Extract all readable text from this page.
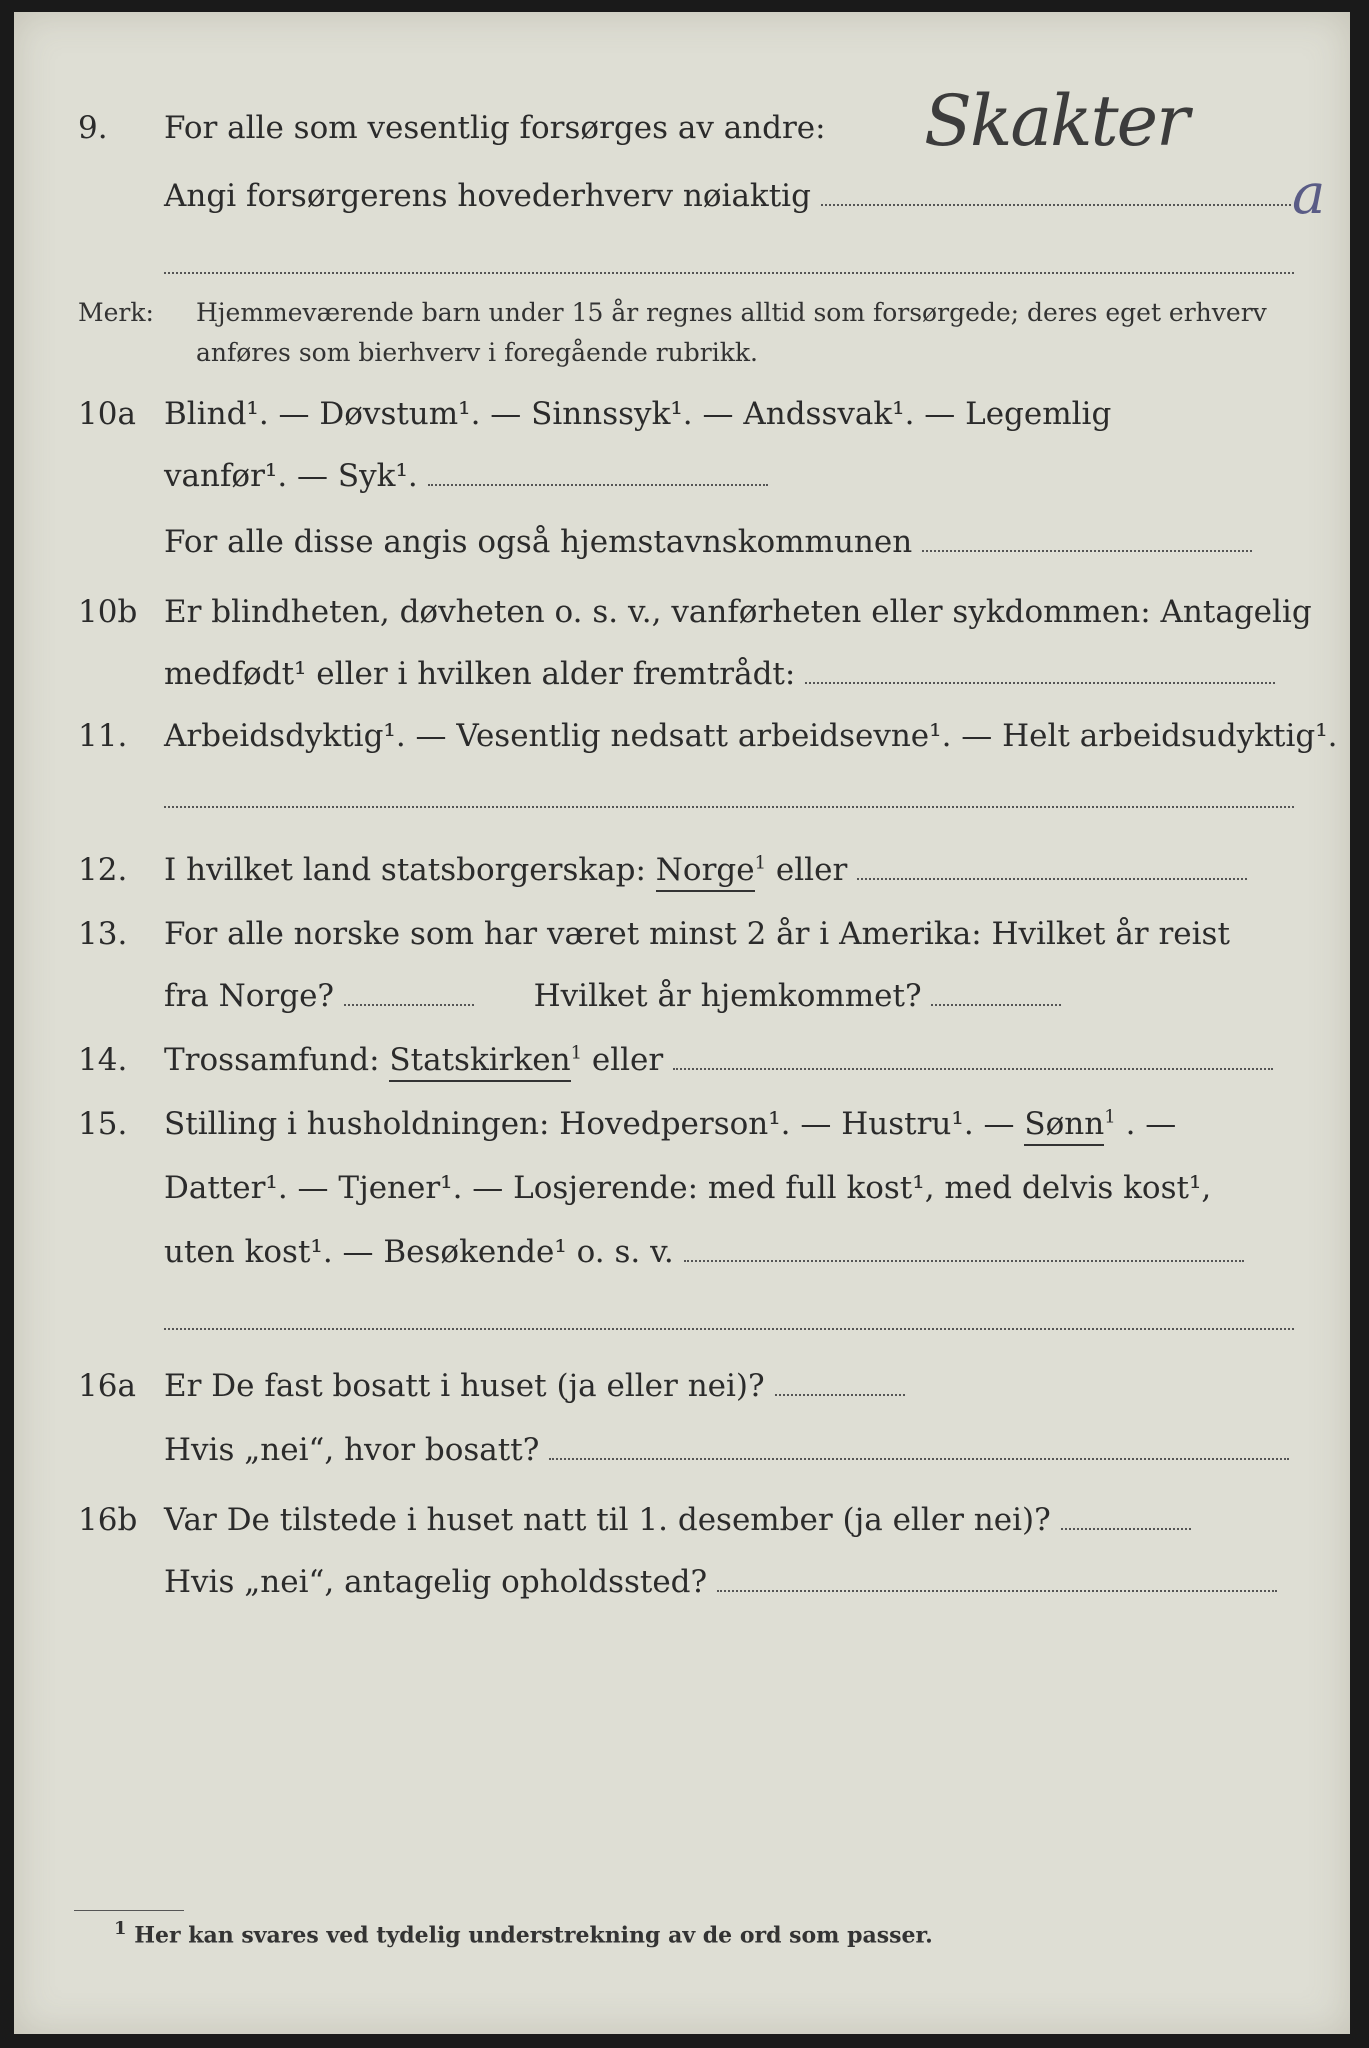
9. For alle som vesentlig forsørges av andre:
Angi forsørgerens hovederhverv nøiaktig
Skakter
a
Merk: Hjemmeværende barn under 15 år regnes alltid som forsørgede; deres eget erhverv
anføres som bierhverv i foregående rubrikk.
10a Blind¹. — Døvstum¹. — Sinnssyk¹. — Andssvak¹. — Legemlig
vanfør¹. — Syk¹.
For alle disse angis også hjemstavnskommunen
10b Er blindheten, døvheten o. s. v., vanførheten eller sykdommen: Antagelig
medfødt¹ eller i hvilken alder fremtrådt:
11. Arbeidsdyktig¹. — Vesentlig nedsatt arbeidsevne¹. — Helt arbeidsudyktig¹.
12. I hvilket land statsborgerskap: Norge$^1$ eller
13. For alle norske som har været minst 2 år i Amerika: Hvilket år reist
fra Norge?	Hvilket år hjemkommet?
14. Trossamfund: Statskirken$^1$ eller
15. Stilling i husholdningen: Hovedperson¹. — Hustru¹. — Sønn$^1$ . —
Datter¹. — Tjener¹. — Losjerende: med full kost¹, med delvis kost¹,
uten kost¹. — Besøkende¹ o. s. v.
16a Er De fast bosatt i huset (ja eller nei)?
Hvis „nei“, hvor bosatt?
16b Var De tilstede i huset natt til 1. desember (ja eller nei)?
Hvis „nei“, antagelig opholdssted?
$^1$ Her kan svares ved tydelig understrekning av de ord som passer.
